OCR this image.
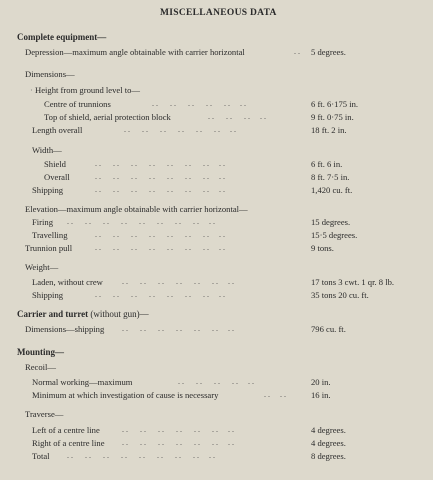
MISCELLANEOUS DATA
Complete equipment—
Depression—maximum angle obtainable with carrier horizontal	. . 5 degrees.
Dimensions—
· Height from ground level to—
Centre of trunnions	. .      . .      . .      . .      . .     . .	6 ft. 6·175 in.
Top of shield, aerial protection block	. .      . .      . .     . .	9 ft. 0·75 in.
Length overall	. .      . .      . .      . .      . .      . .     . .	18 ft. 2 in.
Width—
Shield	. .      . .      . .      . .      . .      . .      . .     . .	6 ft. 6 in.
Overall	. .      . .      . .      . .      . .      . .      . .     . .	8 ft. 7·5 in.
Shipping	. .      . .      . .      . .      . .      . .      . .     . .	1,420 cu. ft.
Elevation—maximum angle obtainable with carrier horizontal—
Firing . .      . .      . .      . .      . .      . .      . .      . .     . .	15 degrees.
Travelling	. .      . .      . .      . .      . .      . .      . .     . .	15·5 degrees.
Trunnion pull	. .      . .      . .      . .      . .      . .      . .     . .	9 tons.
Weight—
Laden, without crew . .      . .      . .      . .      . .      . .     . .	17 tons 3 cwt. 1 qr. 8 lb.
Shipping	. .      . .      . .      . .      . .      . .      . .     . .	35 tons 20 cu. ft.
Carrier and turret (without gun)—
Dimensions—shipping . .      . .      . .      . .      . .      . .     . .	796 cu. ft.
Mounting—
Recoil—
Normal working—maximum	. .      . .      . .      . .     . .	20 in.
Minimum at which investigation of cause is necessary	. .     . .	16 in.
Traverse—
Left of a centre line	. .      . .      . .      . .      . .      . .     . .	4 degrees.
Right of a centre line . .      . .      . .      . .      . .      . .     . .	4 degrees.
Total . .      . .      . .      . .      . .      . .      . .      . .     . .	8 degrees.
